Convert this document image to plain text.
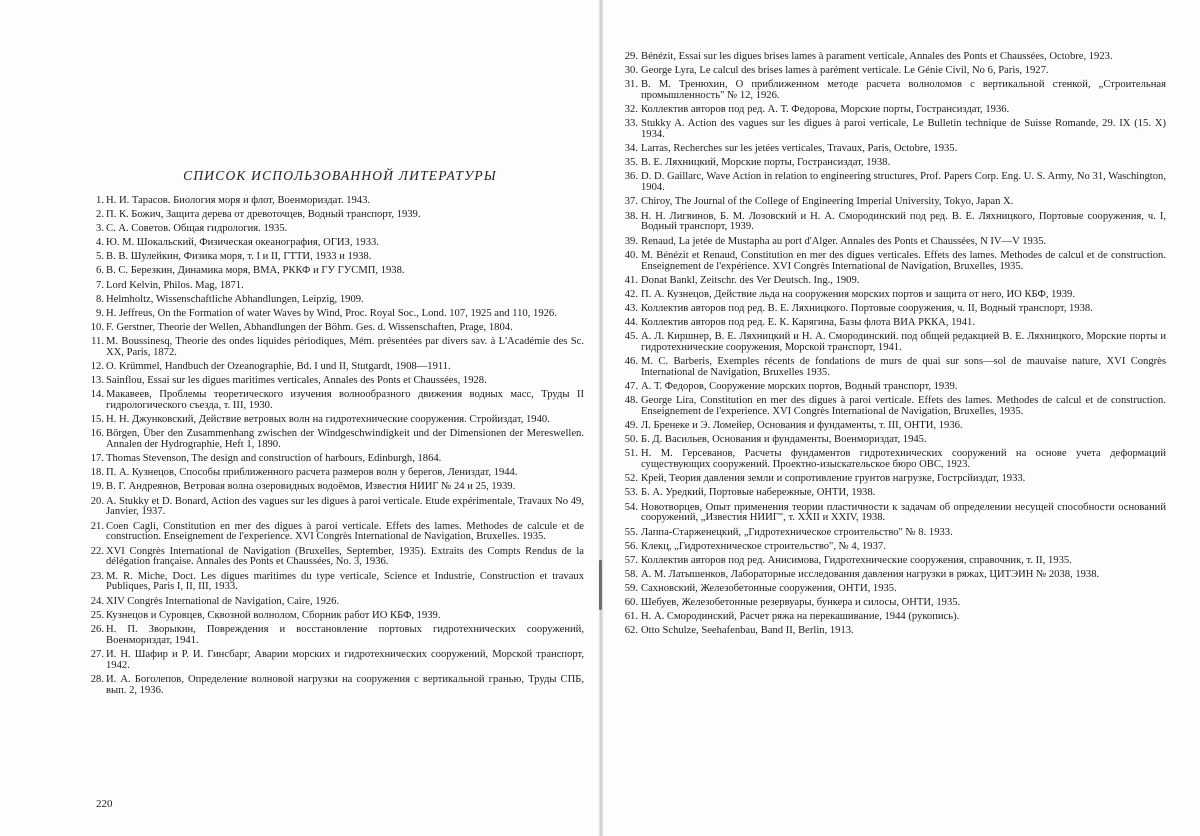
СПИСОК ИСПОЛЬЗОВАННОЙ ЛИТЕРАТУРЫ
1. Н. И. Тарасов. Биология моря и флот, Военмориздат. 1943.
2. П. К. Божич, Защита дерева от древоточцев, Водный транспорт, 1939.
3. С. А. Советов. Общая гидрология. 1935.
4. Ю. М. Шокальский, Физическая океанография, ОГИЗ, 1933.
5. В. В. Шулейкин, Физика моря, т. I и II, ГТТИ, 1933 и 1938.
6. В. С. Березкин, Динамика моря, ВМА, РККФ и ГУ ГУСМП, 1938.
7. Lord Kelvin, Philos. Mag, 1871.
8. Helmholtz, Wissenschaftliche Abhandlungen, Leipzig, 1909.
9. H. Jeffreus, On the Formation of water Waves by Wind, Proc. Royal Soc., Lond. 107, 1925 and 110, 1926.
10. F. Gerstner, Theorie der Wellen, Abhandlungen der Böhm. Ges. d. Wissenschaften, Prage, 1804.
11. M. Boussinesq, Theorie des ondes liquides périodiques, Mém. présentées par divers sav. à L'Académie des Sc. XX, Paris, 1872.
12. O. Krümmel, Handbuch der Ozeanographie, Bd. I und II, Stutgardt, 1908—1911.
13. Sainflou, Essai sur les digues maritimes verticales, Annales des Ponts et Chaussées, 1928.
14. Макавеев, Проблемы теоретического изучения волнообразного движения водных масс, Труды II гидрологического съезда, т. III, 1930.
15. Н. Н. Джунковский, Действие ветровых волн на гидротехнические сооружения. Стройиздат, 1940.
16. Börgen, Über den Zusammenhang zwischen der Windgeschwindigkeit und der Dimensionen der Mereswellen. Annalen der Hydrographie, Heft 1, 1890.
17. Thomas Stevenson, The design and construction of harbours, Edinburgh, 1864.
18. П. А. Кузнецов, Способы приближенного расчета размеров волн у берегов, Лениздат, 1944.
19. В. Г. Андреянов, Ветровая волна озеровидных водоёмов, Известия НИИГ № 24 и 25, 1939.
20. A. Stukky et D. Bonard, Action des vagues sur les digues à paroi verticale. Etude expérimentale, Travaux No 49, Janvier, 1937.
21. Coen Cagli, Constitution en mer des digues à paroi verticale. Effets des lames. Methodes de calcule et de construction. Enseignement de l'experience. XVI Congrès International de Navigation, Bruxelles. 1935.
22. XVI Congrès International de Navigation (Bruxelles, September, 1935). Extraits des Compts Rendus de la délégation française. Annales des Ponts et Chaussées, No. 3, 1936.
23. M. R. Miche, Doct. Les digues maritimes du type verticale, Science et Industrie, Construction et travaux Publiques, Paris I, II, III, 1933.
24. XIV Congrès International de Navigation, Caire, 1926.
25. Кузнецов и Суровцев, Сквозной волнолом, Сборник работ ИО КБФ, 1939.
26. Н. П. Зворыкин, Повреждения и восстановление портовых гидротехнических сооружений, Военмориздат, 1941.
27. И. Н. Шафир и Р. И. Гинсбарг, Аварии морских и гидротехнических сооружений, Морской транспорт, 1942.
28. И. А. Боголепов, Определение волновой нагрузки на сооружения с вертикальной гранью, Труды СПБ, вып. 2, 1936.
220
29. Bénézit, Essai sur les digues brises lames à parament verticale, Annales des Ponts et Chaussées, Octobre, 1923.
30. George Lyra, Le calcul des brises lames à parément verticale. Le Génie Civil, No 6, Paris, 1927.
31. В. М. Тренюхин, О приближенном методе расчета волноломов с вертикальной стенкой, „Строительная промышленность" № 12, 1926.
32. Коллектив авторов под ред. А. Т. Федорова, Морские порты, Гострансиздат, 1936.
33. Stukky A. Action des vagues sur les digues à paroi verticale, Le Bulletin technique de Suisse Romande, 29. IX (15. X) 1934.
34. Larras, Recherches sur les jetées verticales, Travaux, Paris, Octobre, 1935.
35. В. Е. Ляхницкий, Морские порты, Гострансиздат, 1938.
36. D. D. Gaillarc, Wave Action in relation to engineering structures, Prof. Papers Corp. Eng. U. S. Army, No 31, Waschington, 1904.
37. Chiroy, The Journal of the College of Engineering Imperial University, Tokyo, Japan X.
38. Н. Н. Лигвинов, Б. М. Лозовский и Н. А. Смородинский под ред. В. Е. Ляхницкого, Портовые сооружения, ч. I, Водный транспорт, 1939.
39. Renaud, La jetée de Mustapha au port d'Alger. Annales des Ponts et Chaussées, N IV—V 1935.
40. M. Bénézit et Renaud, Constitution en mer des digues verticales. Effets des lames. Methodes de calcul et de construction. Enseignement de l'expérience. XVI Congrès International de Navigation, Bruxelles, 1935.
41. Donat Bankl, Zeitschr. des Ver Deutsch. Ing., 1909.
42. П. А. Кузнецов, Действие льда на сооружения морских портов и защита от него, ИО КБФ, 1939.
43. Коллектив авторов под ред. В. Е. Ляхницкого. Портовые сооружения, ч. II, Водный транспорт, 1938.
44. Коллектив авторов под ред. Е. К. Карягина, Базы флота ВИА РККА, 1941.
45. А. Л. Киршнер, В. Е. Ляхницкий и Н. А. Смородинский. под общей редакцией В. Е. Ляхницкого, Морские порты и гидротехнические сооружения, Морской транспорт, 1941.
46. M. C. Barberis, Exemples récents de fondations de murs de quai sur sons—sol de mauvaise nature, XVI Congrès International de Navigation, Bruxelles 1935.
47. А. Т. Федоров, Сооружение морских портов, Водный транспорт, 1939.
48. George Lira, Constitution en mer des digues à paroi verticale. Effets des lames. Methodes de calcul et de construction. Enseignement de l'experience. XVI Congrès International de Navigation, Bruxelles, 1935.
49. Л. Бренеке и Э. Ломейер, Основания и фундаменты, т. III, ОНТИ, 1936.
50. Б. Д. Васильев, Основания и фундаменты, Военмориздат, 1945.
51. Н. М. Герсеванов, Расчеты фундаментов гидротехнических сооружений на основе учета деформаций существующих сооружений. Проектно-изыскательское бюро ОВС, 1923.
52. Крей, Теория давления земли и сопротивление грунтов нагрузке, Гострсйиздат, 1933.
53. Б. А. Уредкий, Портовые набережные, ОНТИ, 1938.
54. Новотворцев, Опыт применения теории пластичности к задачам об определении несущей способности оснований сооружений, „Известия НИИГ", т. XXII и XXIV, 1938.
55. Лаппа-Старженецкий, „Гидротехническое строительство" № 8. 1933.
56. Клекц, „Гидротехническое строительство", № 4, 1937.
57. Коллектив авторов под ред. Анисимова, Гидротехнические сооружения, справочник, т. II, 1935.
58. А. М. Латышенков, Лабораторные исследования давления нагрузки в ряжах, ЦИТЭИН № 2038, 1938.
59. Сахновский, Железобетонные сооружения, ОНТИ, 1935.
60. Шебуев, Железобетонные резервуары, бункера и силосы, ОНТИ, 1935.
61. Н. А. Смородинский, Расчет ряжа на перекашивание, 1944 (рукопись).
62. Otto Schulze, Seehafenbau, Band II, Berlin, 1913.
